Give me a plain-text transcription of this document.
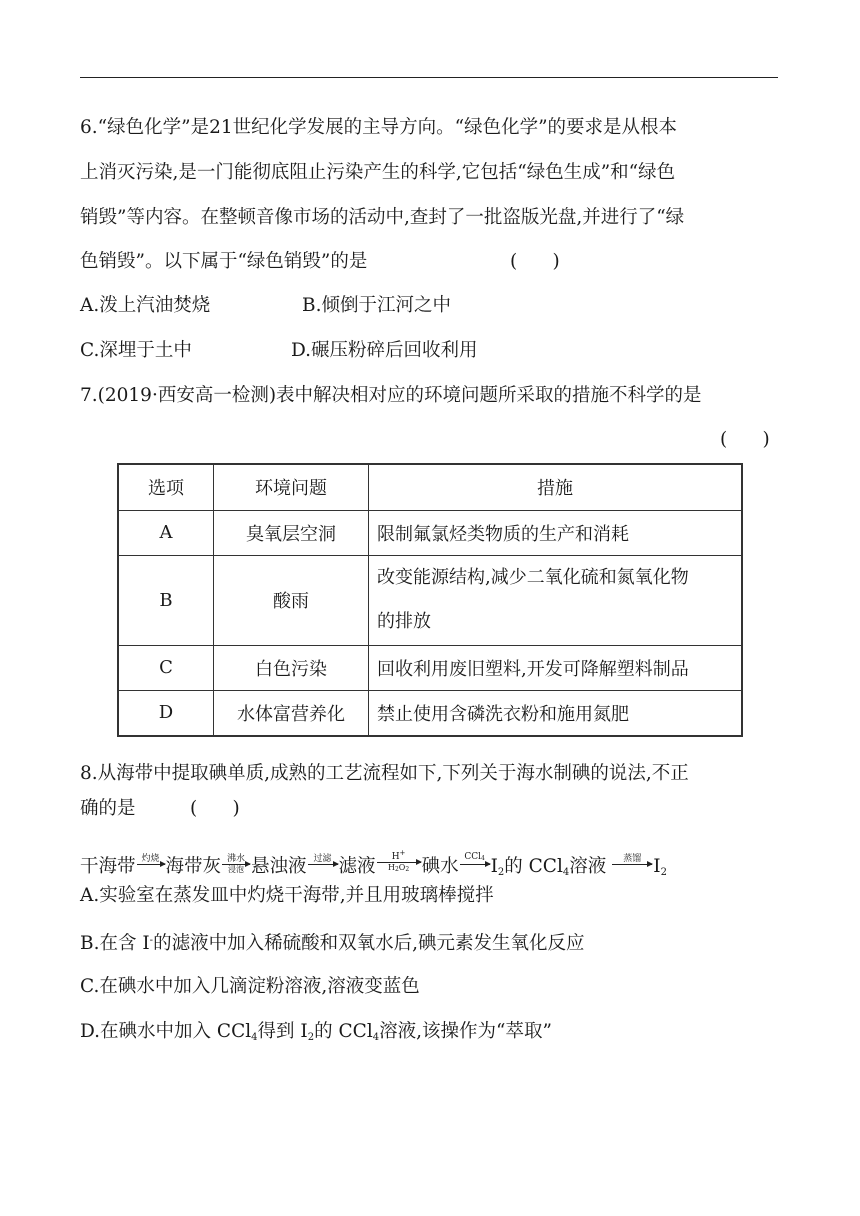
6.“绿色化学”是21世纪化学发展的主导方向。“绿色化学”的要求是从根本
上消灭污染,是一门能彻底阻止污染产生的科学,它包括“绿色生成”和“绿色
销毁”等内容。在整顿音像市场的活动中,查封了一批盗版光盘,并进行了“绿
色销毁”。以下属于“绿色销毁”的是	(      )
A.泼上汽油焚烧	B.倾倒于江河之中
C.深埋于土中	D.碾压粉碎后回收利用
7.(2019·西安高一检测)表中解决相对应的环境问题所采取的措施不科学的是
(      )
选项	环境问题	措施
A	臭氧层空洞	限制氟氯烃类物质的生产和消耗
B	酸雨	改变能源结构,减少二氧化硫和氮氧化物
的排放

C	白色污染	回收利用废旧塑料,开发可降解塑料制品
D	水体富营养化	禁止使用含磷洗衣粉和施用氮肥
8.从海带中提取碘单质,成熟的工艺流程如下,下列关于海水制碘的说法,不正
确的是	(      )
干海带 灼烧
海带灰 沸水
浸泡 悬浊液 过滤
滤液 H+
$H_2O_2$ 碘水 CCl$_4$
$I_2$的 CCl$_4$溶液 蒸馏
$I_2$
A.实验室在蒸发皿中灼烧干海带,并且用玻璃棒搅拌
B.在含 I-的滤液中加入稀硫酸和双氧水后,碘元素发生氧化反应
C.在碘水中加入几滴淀粉溶液,溶液变蓝色
D.在碘水中加入 CCl$_4$得到 $I_2$的 CCl$_4$溶液,该操作为“萃取”
